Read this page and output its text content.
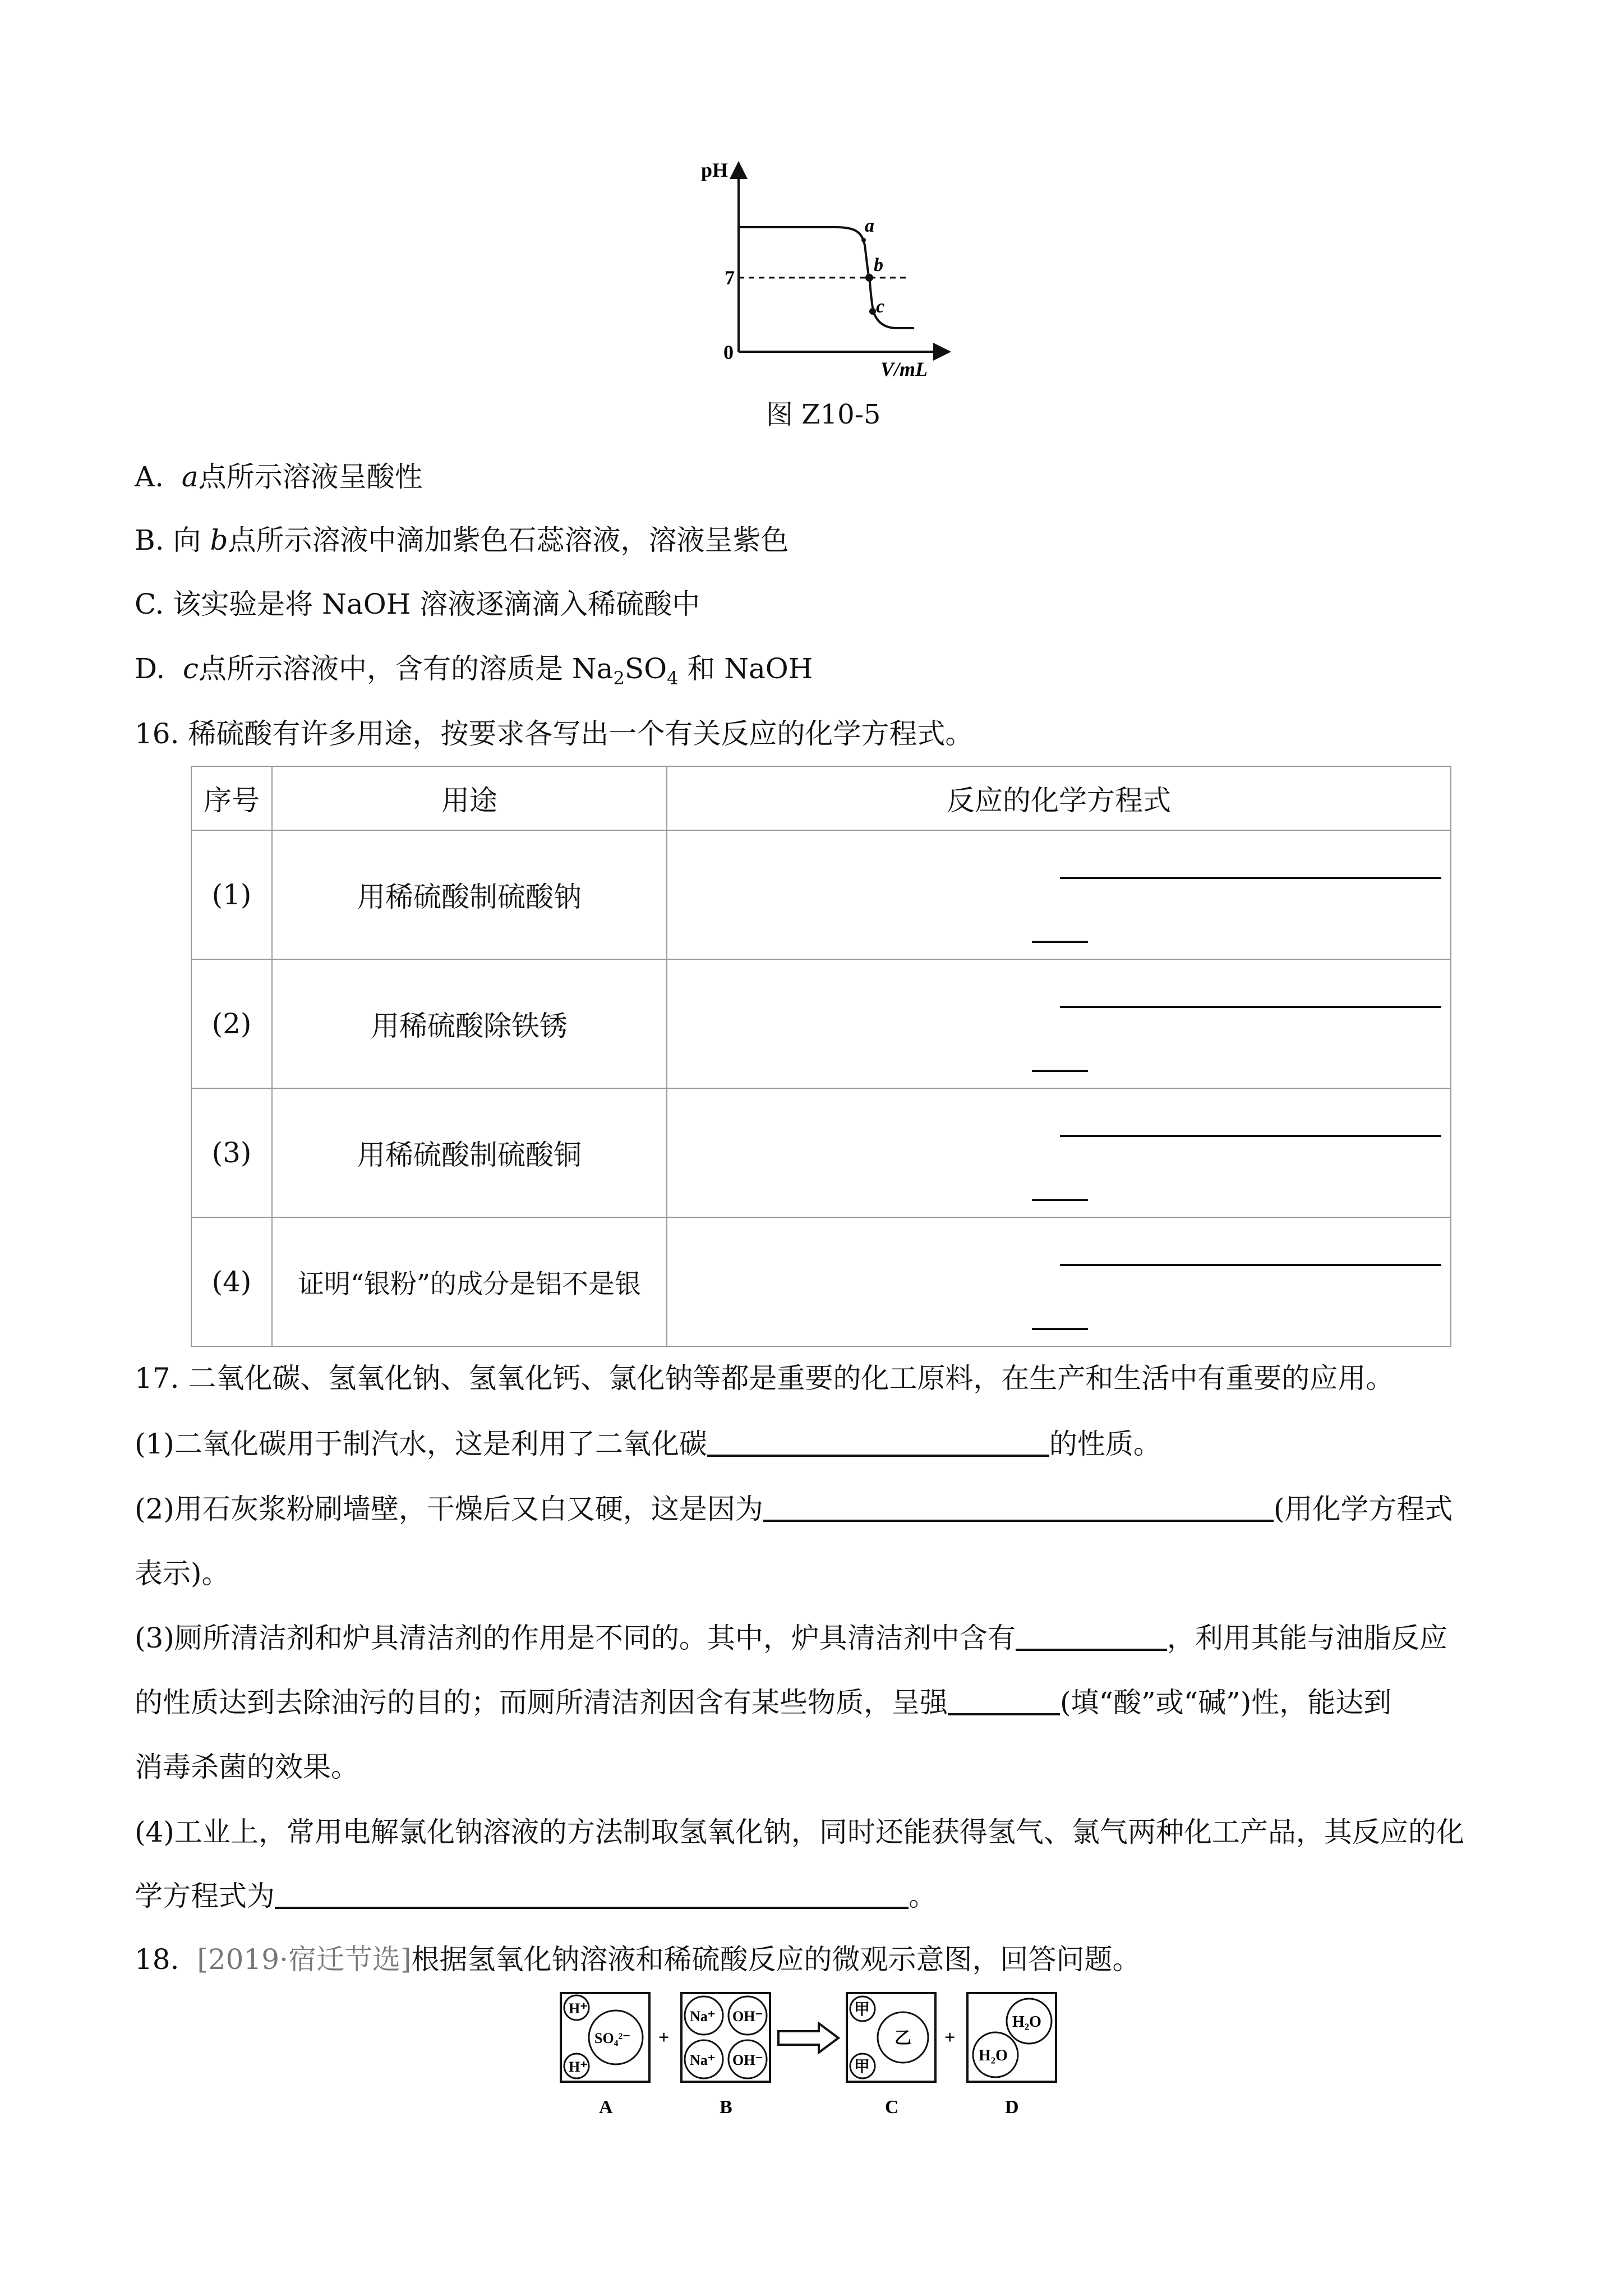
pH
7
0
a
b
c
V/mL
图 Z10-5
A. a点所示溶液呈酸性
B. 向 b点所示溶液中滴加紫色石蕊溶液，溶液呈紫色
C. 该实验是将 NaOH 溶液逐滴滴入稀硫酸中
D. c点所示溶液中，含有的溶质是 $Na_2SO_4$ 和 NaOH
16. 稀硫酸有许多用途，按要求各写出一个有关反应的化学方程式。
序号	用途	反应的化学方程式
(1)	用稀硫酸制硫酸钠	

(2)	用稀硫酸除铁锈	

(3)	用稀硫酸制硫酸铜	

(4)	证明“银粉”的成分是铝不是银	
17. 二氧化碳、氢氧化钠、氢氧化钙、氯化钠等都是重要的化工原料，在生产和生活中有重要的应用。
(1)二氧化碳用于制汽水，这是利用了二氧化碳	的性质。
(2)用石灰浆粉刷墙壁，干燥后又白又硬，这是因为	(用化学方程式
表示)。
(3)厕所清洁剂和炉具清洁剂的作用是不同的。其中，炉具清洁剂中含有	，利用其能与油脂反应
的性质达到去除油污的目的；而厕所清洁剂因含有某些物质，呈强	(填“酸”或“碱”)性，能达到
消毒杀菌的效果。
(4)工业上，常用电解氯化钠溶液的方法制取氢氧化钠，同时还能获得氢气、氯气两种化工产品，其反应的化
学方程式为	。
18. [2019·宿迁节选]根据氢氧化钠溶液和稀硫酸反应的微观示意图，回答问题。
H⁺
H⁺
SO₄²⁻ +
Na⁺ OH⁻
Na⁺ OH⁻
甲
甲
乙 +
H₂O
H₂O
A	B	C	D
